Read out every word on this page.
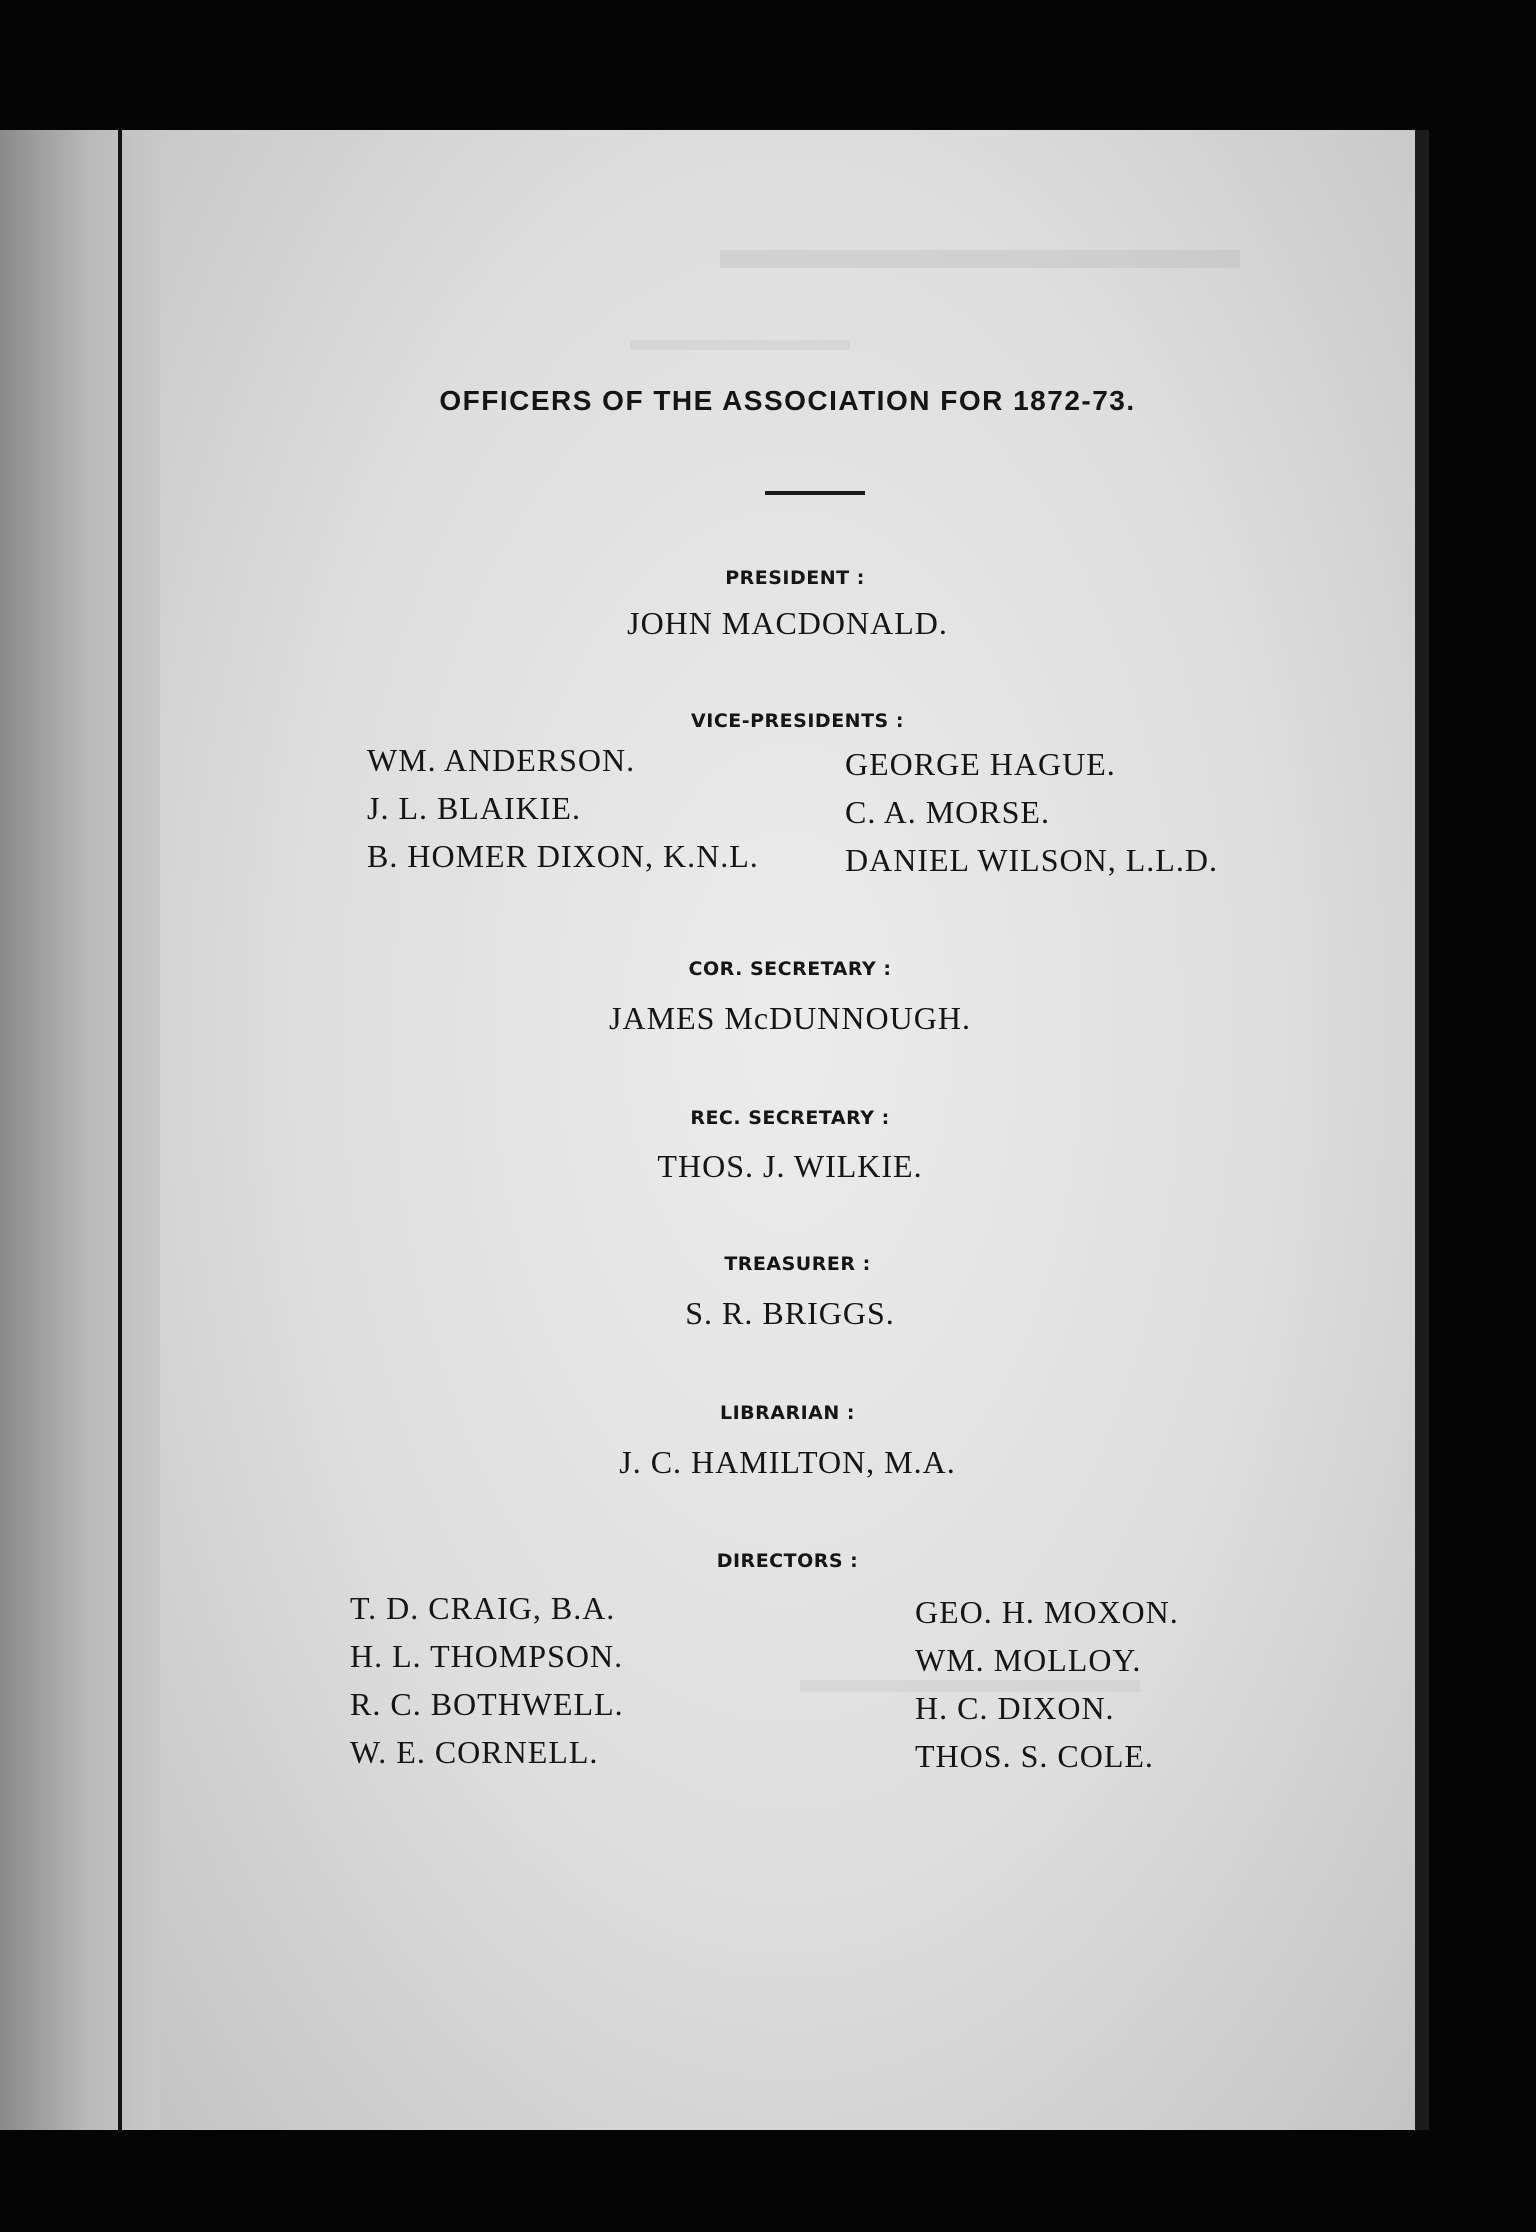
OFFICERS OF THE ASSOCIATION FOR 1872-73.
PRESIDENT :
JOHN MACDONALD.
VICE-PRESIDENTS :
WM. ANDERSON.
J. L. BLAIKIE.
B. HOMER DIXON, K.N.L.
GEORGE HAGUE.
C. A. MORSE.
DANIEL WILSON, L.L.D.
COR. SECRETARY :
JAMES McDUNNOUGH.
REC. SECRETARY :
THOS. J. WILKIE.
TREASURER :
S. R. BRIGGS.
LIBRARIAN :
J. C. HAMILTON, M.A.
DIRECTORS :
T. D. CRAIG, B.A.
H. L. THOMPSON.
R. C. BOTHWELL.
W. E. CORNELL.
GEO. H. MOXON.
WM. MOLLOY.
H. C. DIXON.
THOS. S. COLE.
